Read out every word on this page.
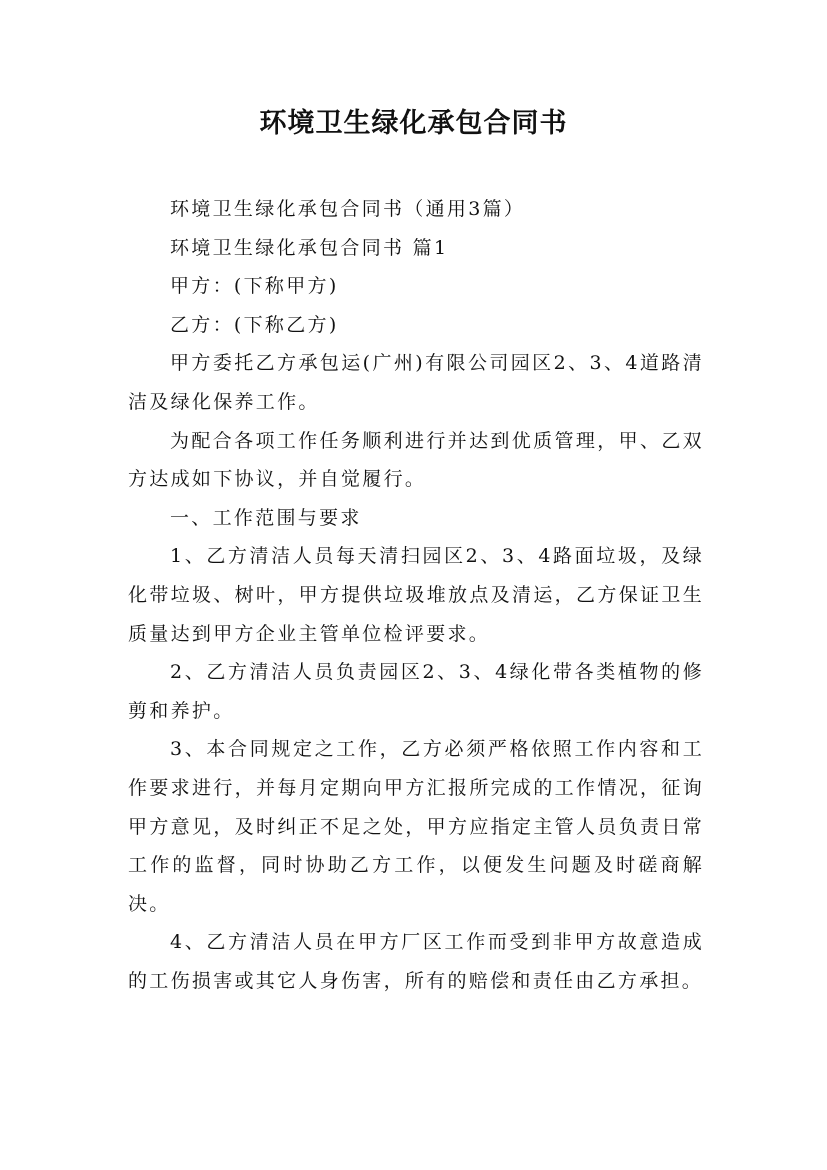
环境卫生绿化承包合同书

环境卫生绿化承包合同书（通用3篇）

环境卫生绿化承包合同书 篇1

甲方：(下称甲方)

乙方：(下称乙方)

甲方委托乙方承包运(广州)有限公司园区2、3、4道路清洁及绿化保养工作。

为配合各项工作任务顺利进行并达到优质管理，甲、乙双方达成如下协议，并自觉履行。

一、工作范围与要求

1、乙方清洁人员每天清扫园区2、3、4路面垃圾，及绿化带垃圾、树叶，甲方提供垃圾堆放点及清运，乙方保证卫生质量达到甲方企业主管单位检评要求。

2、乙方清洁人员负责园区2、3、4绿化带各类植物的修剪和养护。

3、本合同规定之工作，乙方必须严格依照工作内容和工作要求进行，并每月定期向甲方汇报所完成的工作情况，征询甲方意见，及时纠正不足之处，甲方应指定主管人员负责日常工作的监督，同时协助乙方工作，以便发生问题及时磋商解决。

4、乙方清洁人员在甲方厂区工作而受到非甲方故意造成的工伤损害或其它人身伤害，所有的赔偿和责任由乙方承担。
